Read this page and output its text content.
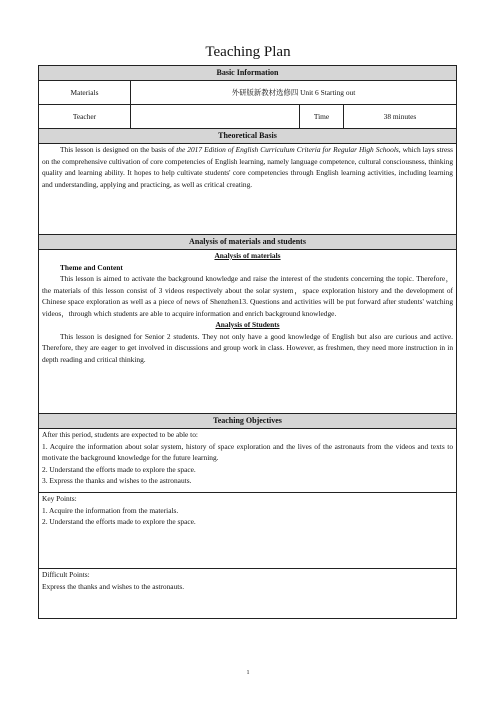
Teaching Plan
Basic Information			
Materials	外研版新教材选修四 Unit 6 Starting out		
Teacher		Time	38 minutes
Theoretical Basis			
This lesson is designed on the basis of the 2017 Edition of English Curriculum Criteria for Regular High Schools, which lays stress on the comprehensive cultivation of core competencies of English learning, namely language competence, cultural consciousness, thinking quality and learning ability. It hopes to help cultivate students' core competencies through English learning activities, including learning and understanding, applying and practicing, as well as critical creating.			
Analysis of materials and students			

Analysis of materials
Theme and Content
This lesson is aimed to activate the background knowledge and raise the interest of the students concerning the topic. Therefore，the materials of this lesson consist of 3 videos respectively about the solar system，space exploration history and the development of Chinese space exploration as well as a piece of news of Shenzhen13. Questions and activities will be put forward after students' watching videos，through which students are able to acquire information and enrich background knowledge.
Analysis of Students
This lesson is designed for Senior 2 students. They not only have a good knowledge of English but also are curious and active. Therefore, they are eager to get involved in discussions and group work in class. However, as freshmen, they need more instruction in in depth reading and critical thinking.			

Teaching Objectives			

After this period, students are expected to be able to:
1. Acquire the information about solar system, history of space exploration and the lives of the astronauts from the videos and texts to motivate the background knowledge for the future learning.
2. Understand the efforts made to explore the space.
3. Express the thanks and wishes to the astronauts.			

Key Points:
1. Acquire the information from the materials.
2. Understand the efforts made to explore the space.			

Difficult Points:
Express the thanks and wishes to the astronauts.			
1
